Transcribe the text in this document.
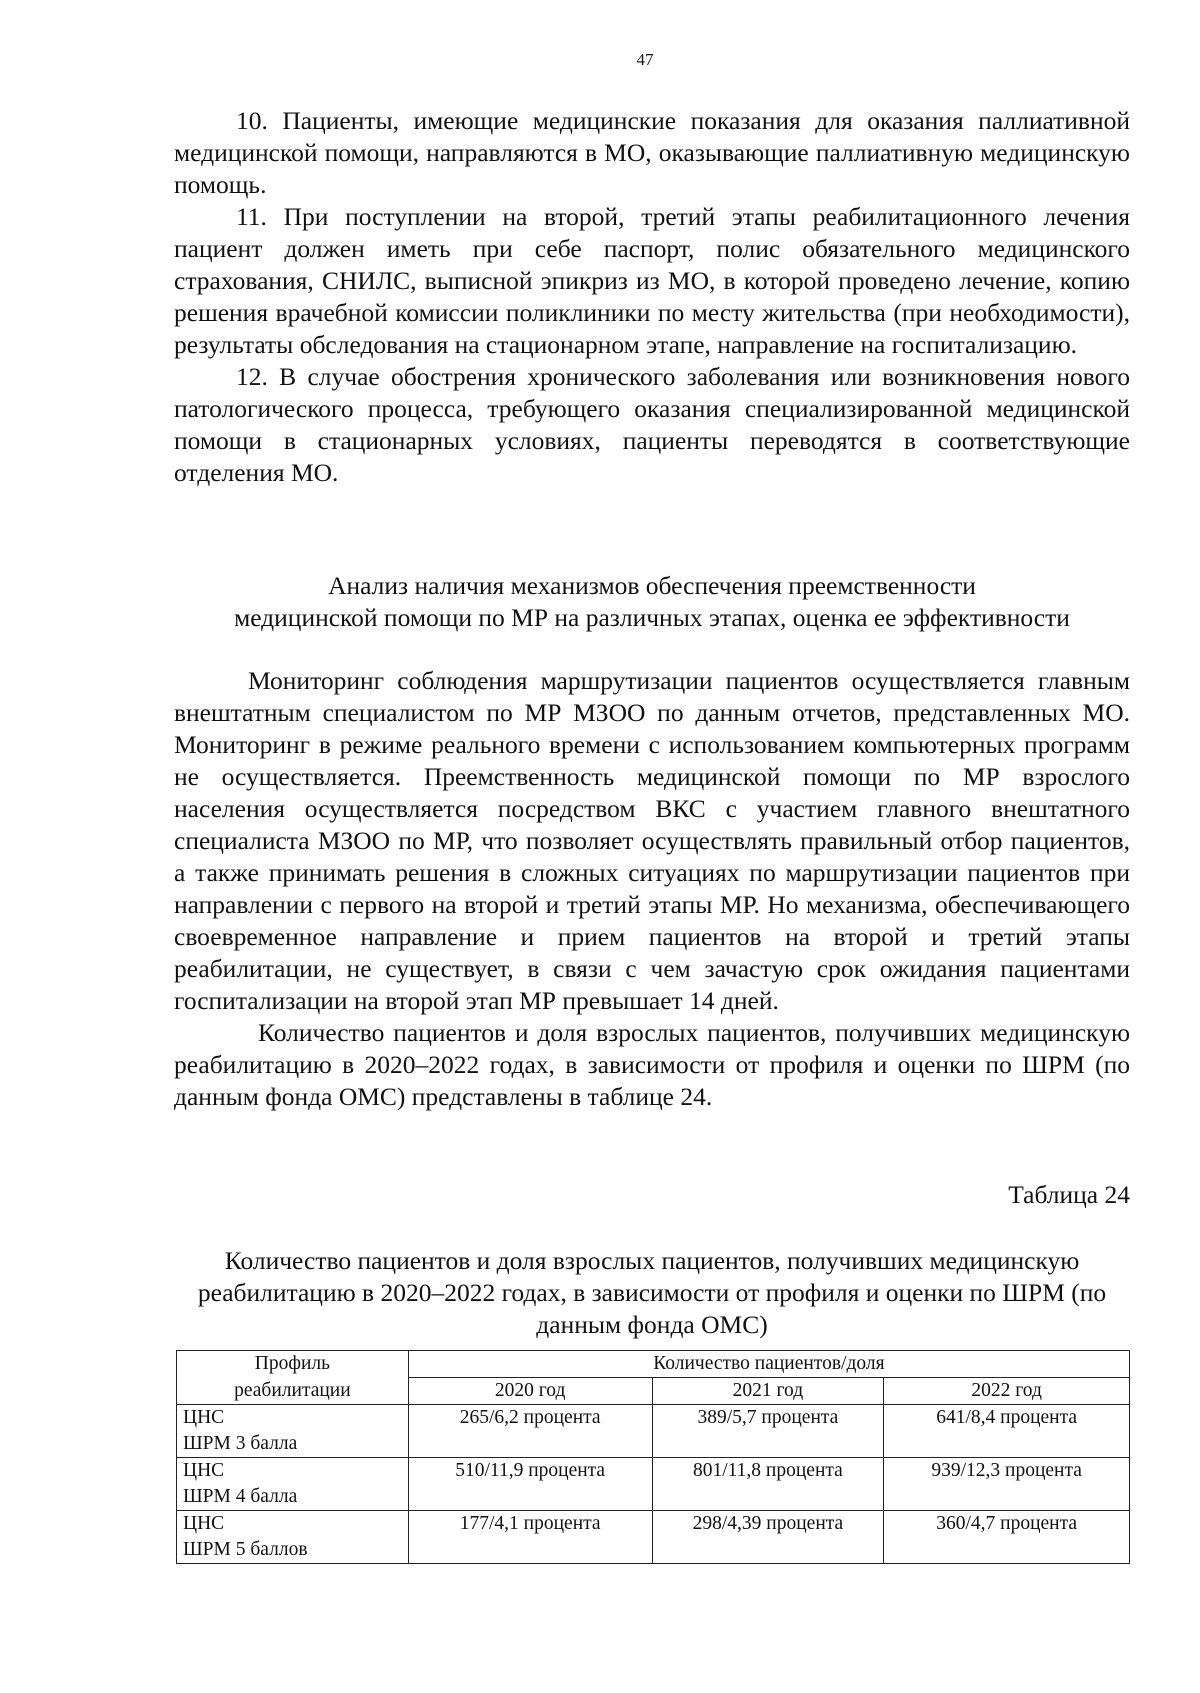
47

10. Пациенты, имеющие медицинские показания для оказания паллиативной медицинской помощи, направляются в МО, оказывающие паллиативную медицинскую помощь.

11. При поступлении на второй, третий этапы реабилитационного лечения пациент должен иметь при себе паспорт, полис обязательного медицинского страхования, СНИЛС, выписной эпикриз из МО, в которой проведено лечение, копию решения врачебной комиссии поликлиники по месту жительства (при необходимости), результаты обследования на стационарном этапе, направление на госпитализацию.

12. В случае обострения хронического заболевания или возникновения нового патологического процесса, требующего оказания специализированной медицинской помощи в стационарных условиях, пациенты переводятся в соответствующие отделения МО.

Анализ наличия механизмов обеспечения преемственности
медицинской помощи по МР на различных этапах, оценка ее эффективности

Мониторинг соблюдения маршрутизации пациентов осуществляется главным внештатным специалистом по МР МЗОО по данным отчетов, представленных МО. Мониторинг в режиме реального времени с использованием компьютерных программ не осуществляется. Преемственность медицинской помощи по МР взрослого населения осуществляется посредством ВКС с участием главного внештатного специалиста МЗОО по МР, что позволяет осуществлять правильный отбор пациентов, а также принимать решения в сложных ситуациях по маршрутизации пациентов при направлении с первого на второй и третий этапы МР. Но механизма, обеспечивающего своевременное направление и прием пациентов на второй и третий этапы реабилитации, не существует, в связи с чем зачастую срок ожидания пациентами госпитализации на второй этап МР превышает 14 дней.

Количество пациентов и доля взрослых пациентов, получивших медицинскую реабилитацию в 2020–2022 годах, в зависимости от профиля и оценки по ШРМ (по данным фонда ОМС) представлены в таблице 24.

Таблица 24
Количество пациентов и доля взрослых пациентов, получивших медицинскую реабилитацию в 2020–2022 годах, в зависимости от профиля и оценки по ШРМ (по данным фонда ОМС)
Профиль	Количество пациентов/доля		
реабилитации	2020 год	2021 год	2022 год

ЦНС
ШРМ 3 балла	265/6,2 процента	389/5,7 процента	641/8,4 процента

ЦНС
ШРМ 4 балла	510/11,9 процента	801/11,8 процента	939/12,3 процента

ЦНС
ШРМ 5 баллов	177/4,1 процента	298/4,39 процента	360/4,7 процента
